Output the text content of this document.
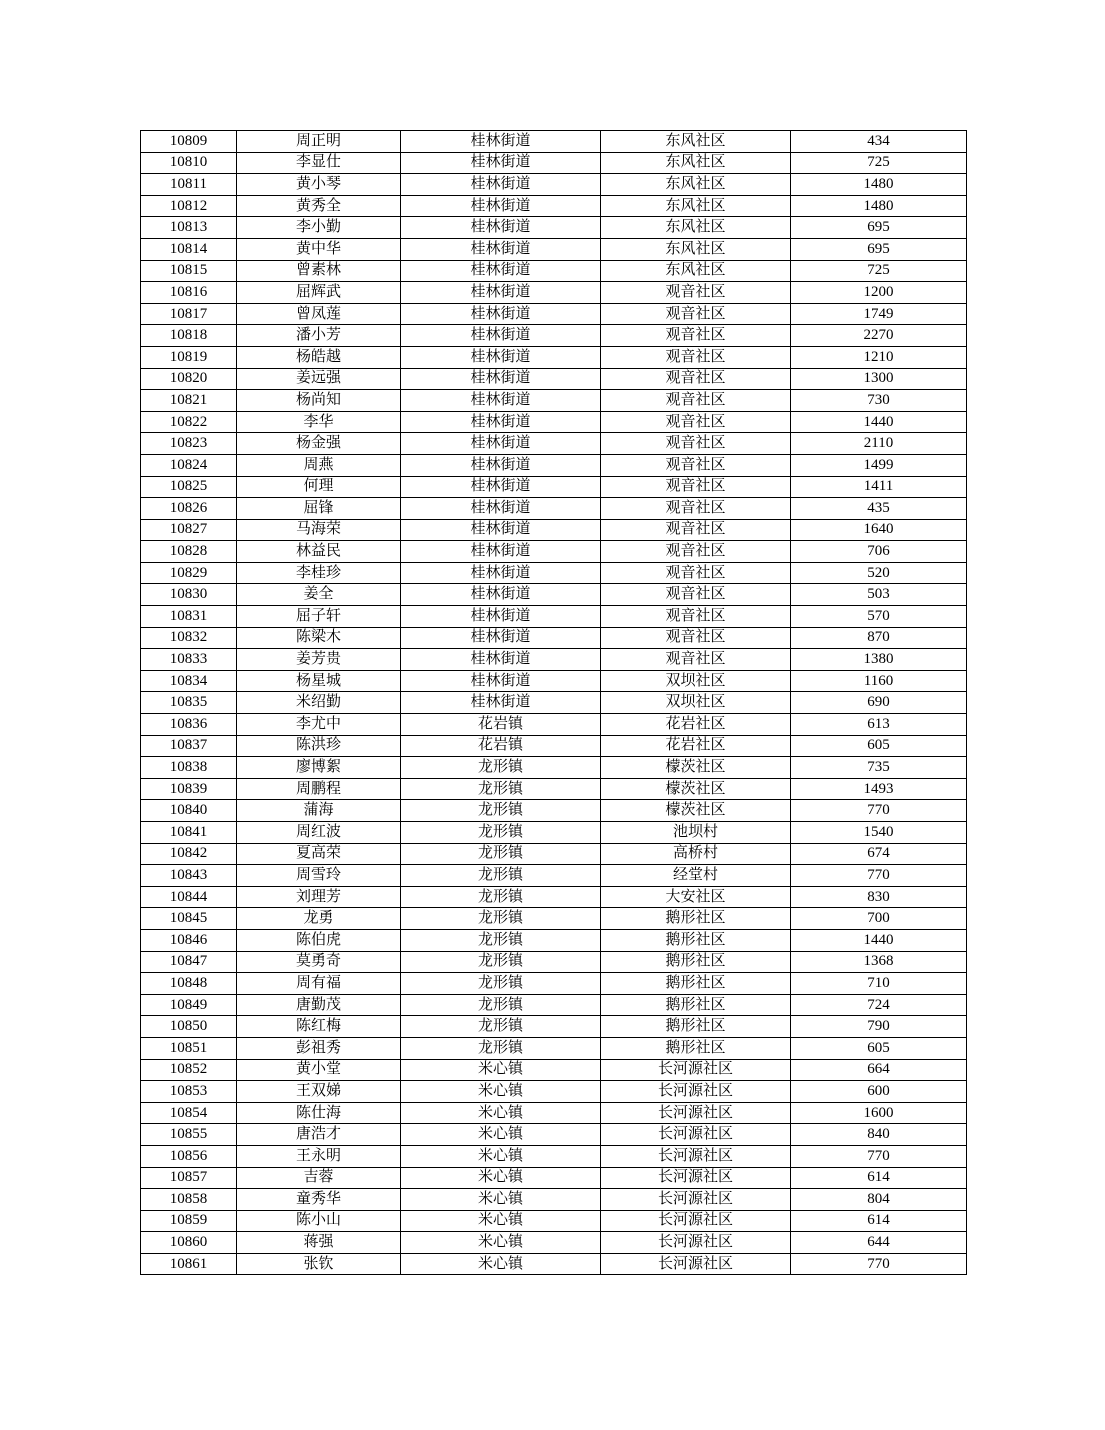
10809	周正明	桂林街道	东风社区	434
10810	李显仕	桂林街道	东风社区	725
10811	黄小琴	桂林街道	东风社区	1480
10812	黄秀全	桂林街道	东风社区	1480
10813	李小勤	桂林街道	东风社区	695
10814	黄中华	桂林街道	东风社区	695
10815	曾素林	桂林街道	东风社区	725
10816	屈辉武	桂林街道	观音社区	1200
10817	曾凤莲	桂林街道	观音社区	1749
10818	潘小芳	桂林街道	观音社区	2270
10819	杨皓越	桂林街道	观音社区	1210
10820	姜远强	桂林街道	观音社区	1300
10821	杨尚知	桂林街道	观音社区	730
10822	李华	桂林街道	观音社区	1440
10823	杨金强	桂林街道	观音社区	2110
10824	周燕	桂林街道	观音社区	1499
10825	何理	桂林街道	观音社区	1411
10826	屈锋	桂林街道	观音社区	435
10827	马海荣	桂林街道	观音社区	1640
10828	林益民	桂林街道	观音社区	706
10829	李桂珍	桂林街道	观音社区	520
10830	姜全	桂林街道	观音社区	503
10831	屈子轩	桂林街道	观音社区	570
10832	陈梁木	桂林街道	观音社区	870
10833	姜芳贵	桂林街道	观音社区	1380
10834	杨星城	桂林街道	双坝社区	1160
10835	米绍勤	桂林街道	双坝社区	690
10836	李尤中	花岩镇	花岩社区	613
10837	陈洪珍	花岩镇	花岩社区	605
10838	廖博絮	龙形镇	檬茨社区	735
10839	周鹏程	龙形镇	檬茨社区	1493
10840	蒲海	龙形镇	檬茨社区	770
10841	周红波	龙形镇	池坝村	1540
10842	夏高荣	龙形镇	高桥村	674
10843	周雪玲	龙形镇	经堂村	770
10844	刘理芳	龙形镇	大安社区	830
10845	龙勇	龙形镇	鹅形社区	700
10846	陈伯虎	龙形镇	鹅形社区	1440
10847	莫勇奇	龙形镇	鹅形社区	1368
10848	周有福	龙形镇	鹅形社区	710
10849	唐勤茂	龙形镇	鹅形社区	724
10850	陈红梅	龙形镇	鹅形社区	790
10851	彭祖秀	龙形镇	鹅形社区	605
10852	黄小堂	米心镇	长河源社区	664
10853	王双娣	米心镇	长河源社区	600
10854	陈仕海	米心镇	长河源社区	1600
10855	唐浩才	米心镇	长河源社区	840
10856	王永明	米心镇	长河源社区	770
10857	吉蓉	米心镇	长河源社区	614
10858	童秀华	米心镇	长河源社区	804
10859	陈小山	米心镇	长河源社区	614
10860	蒋强	米心镇	长河源社区	644
10861	张钦	米心镇	长河源社区	770
